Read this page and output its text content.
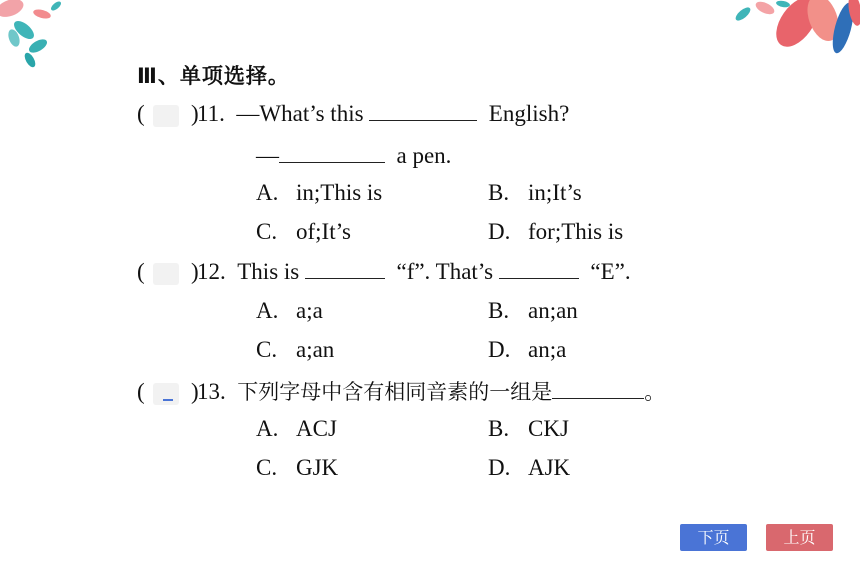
Ⅲ、单项选择。
( )
11. —What’s this	English?
—	a pen.
A. in;This is	B. in;It’s
C. of;It’s	D. for;This is
( )
12. This is	“f”. That’s	“E”.
A. a;a	B. an;an
C. a;an	D. an;a
( )
13. 下列字母中含有相同音素的一组是	。
A. ACJ	B. CKJ
C. GJK	D. AJK
下页	上页
